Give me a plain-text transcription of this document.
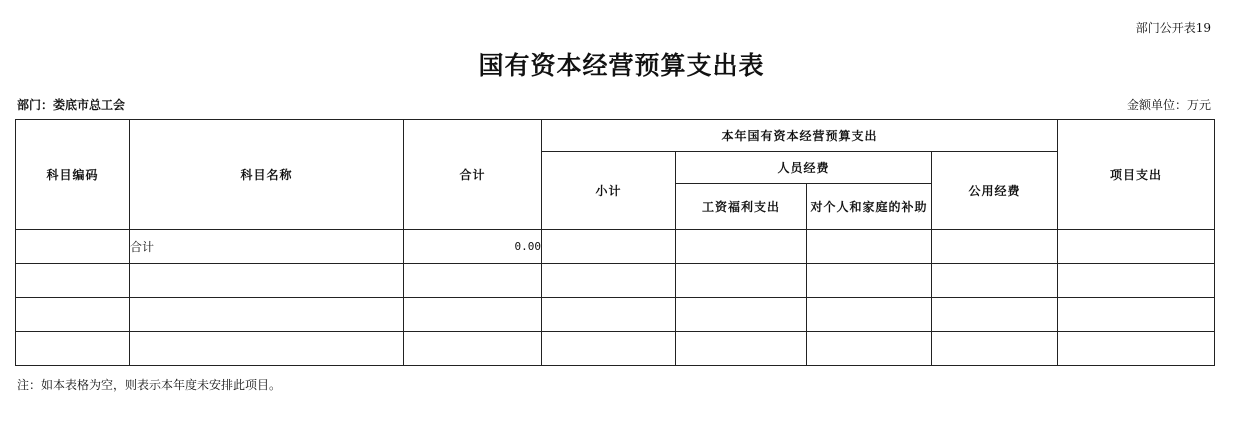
部门公开表19
国有资本经营预算支出表
部门：娄底市总工会	金额单位：万元
科目编码	科目名称	合计	本年国有资本经营预算支出				项目支出
			小计	人员经费		公用经费	
				工资福利支出	对个人和家庭的补助		
	合计	0.00					

注：如本表格为空，则表示本年度未安排此项目。
